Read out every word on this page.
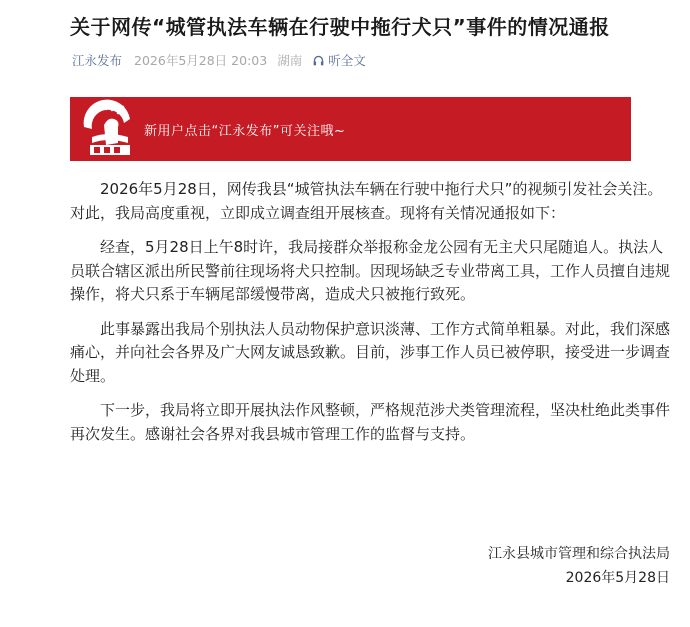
关于网传“城管执法车辆在行驶中拖行犬只”事件的情况通报
江永发布 2026年5月28日 20:03 湖南 听全文
新用户点击“江永发布”可关注哦~

2026年5月28日，网传我县“城管执法车辆在行驶中拖行犬只”的视频引发社会关注。对此，我局高度重视，立即成立调查组开展核查。现将有关情况通报如下：

经查，5月28日上午8时许，我局接群众举报称金龙公园有无主犬只尾随追人。执法人员联合辖区派出所民警前往现场将犬只控制。因现场缺乏专业带离工具，工作人员擅自违规操作，将犬只系于车辆尾部缓慢带离，造成犬只被拖行致死。

此事暴露出我局个别执法人员动物保护意识淡薄、工作方式简单粗暴。对此，我们深感痛心，并向社会各界及广大网友诚恳致歉。目前，涉事工作人员已被停职，接受进一步调查处理。

下一步，我局将立即开展执法作风整顿，严格规范涉犬类管理流程，坚决杜绝此类事件再次发生。感谢社会各界对我县城市管理工作的监督与支持。

江永县城市管理和综合执法局
2026年5月28日
